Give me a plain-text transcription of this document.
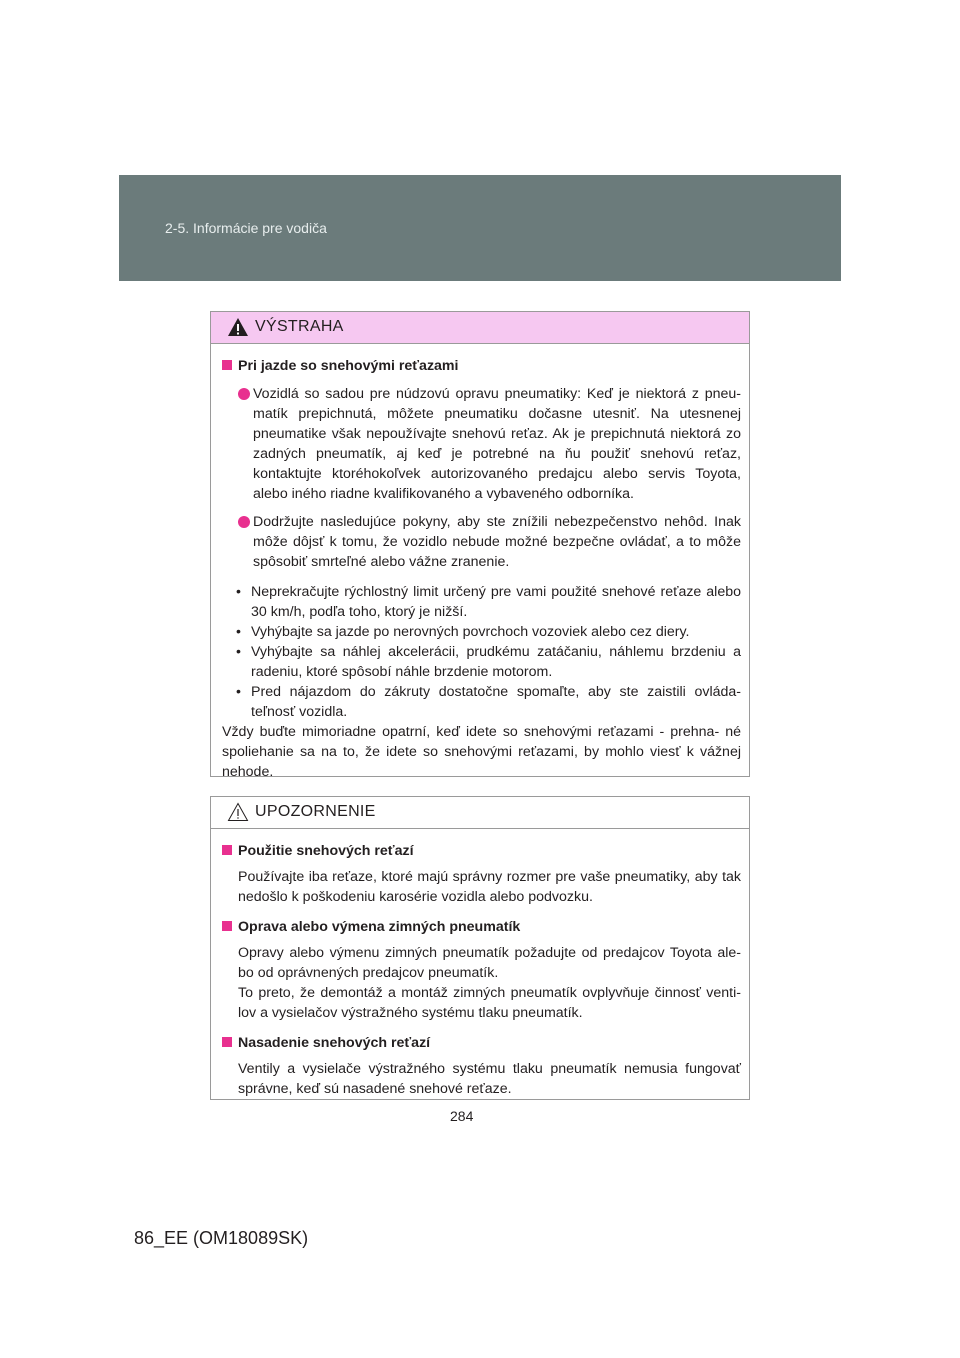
2-5. Informácie pre vodiča
VÝSTRAHA
Pri jazde so snehovými reťazami
Vozidlá so sadou pre núdzovú opravu pneumatiky: Keď je niektorá z pneu- matík prepichnutá, môžete pneumatiku dočasne utesniť. Na utesnenej pneumatike však nepoužívajte snehovú reťaz. Ak je prepichnutá niektorá zo zadných pneumatík, aj keď je potrebné na ňu použiť snehovú reťaz, kontaktujte ktoréhokoľvek autorizovaného predajcu alebo servis Toyota, alebo iného riadne kvalifikovaného a vybaveného odborníka.
Dodržujte nasledujúce pokyny, aby ste znížili nebezpečenstvo nehôd. Inak môže dôjsť k tomu, že vozidlo nebude možné bezpečne ovládať, a to môže spôsobiť smrteľné alebo vážne zranenie.
• Neprekračujte rýchlostný limit určený pre vami použité snehové reťaze alebo 30 km/h, podľa toho, ktorý je nižší.
• Vyhýbajte sa jazde po nerovných povrchoch vozoviek alebo cez diery.
• Vyhýbajte sa náhlej akcelerácii, prudkému zatáčaniu, náhlemu brzdeniu a radeniu, ktoré spôsobí náhle brzdenie motorom.
• Pred nájazdom do zákruty dostatočne spomaľte, aby ste zaistili ovláda- teľnosť vozidla.
Vždy buďte mimoriadne opatrní, keď idete so snehovými reťazami - prehna- né spoliehanie sa na to, že idete so snehovými reťazami, by mohlo viesť k vážnej nehode.
UPOZORNENIE
Použitie snehových reťazí
Používajte iba reťaze, ktoré majú správny rozmer pre vaše pneumatiky, aby tak nedošlo k poškodeniu karosérie vozidla alebo podvozku.
Oprava alebo výmena zimných pneumatík
Opravy alebo výmenu zimných pneumatík požadujte od predajcov Toyota ale- bo od oprávnených predajcov pneumatík.
To preto, že demontáž a montáž zimných pneumatík ovplyvňuje činnosť venti- lov a vysielačov výstražného systému tlaku pneumatík.
Nasadenie snehových reťazí
Ventily a vysielače výstražného systému tlaku pneumatík nemusia fungovať správne, keď sú nasadené snehové reťaze.
284
86_EE (OM18089SK)
